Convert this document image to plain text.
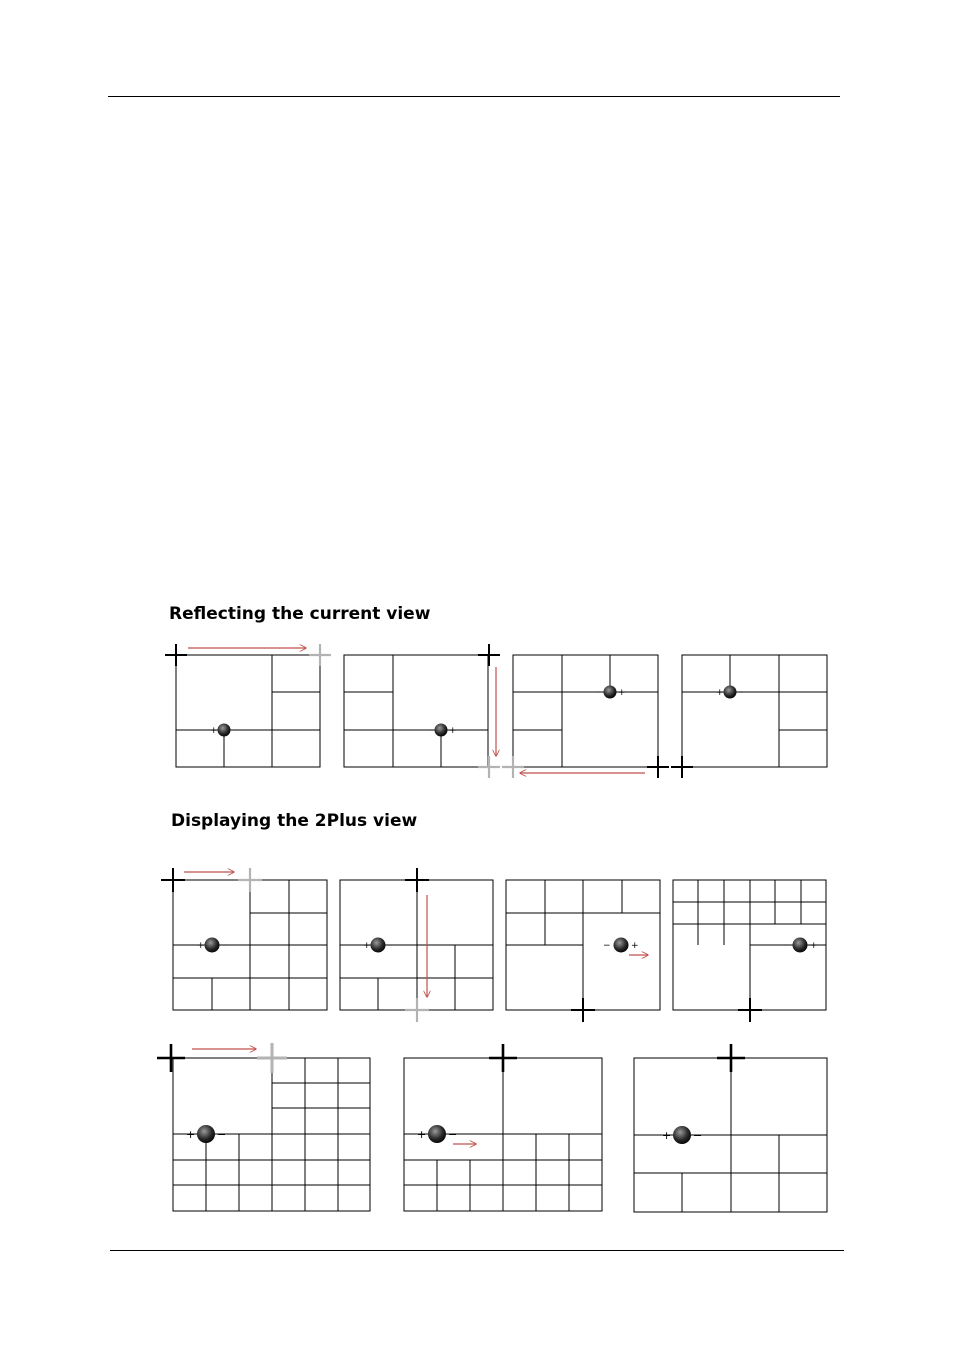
Reflecting the current view
Displaying the 2Plus view
+ −	− +
− +	+ −
+ −	+ −	− +	− +
+ −	+ −	+ −
